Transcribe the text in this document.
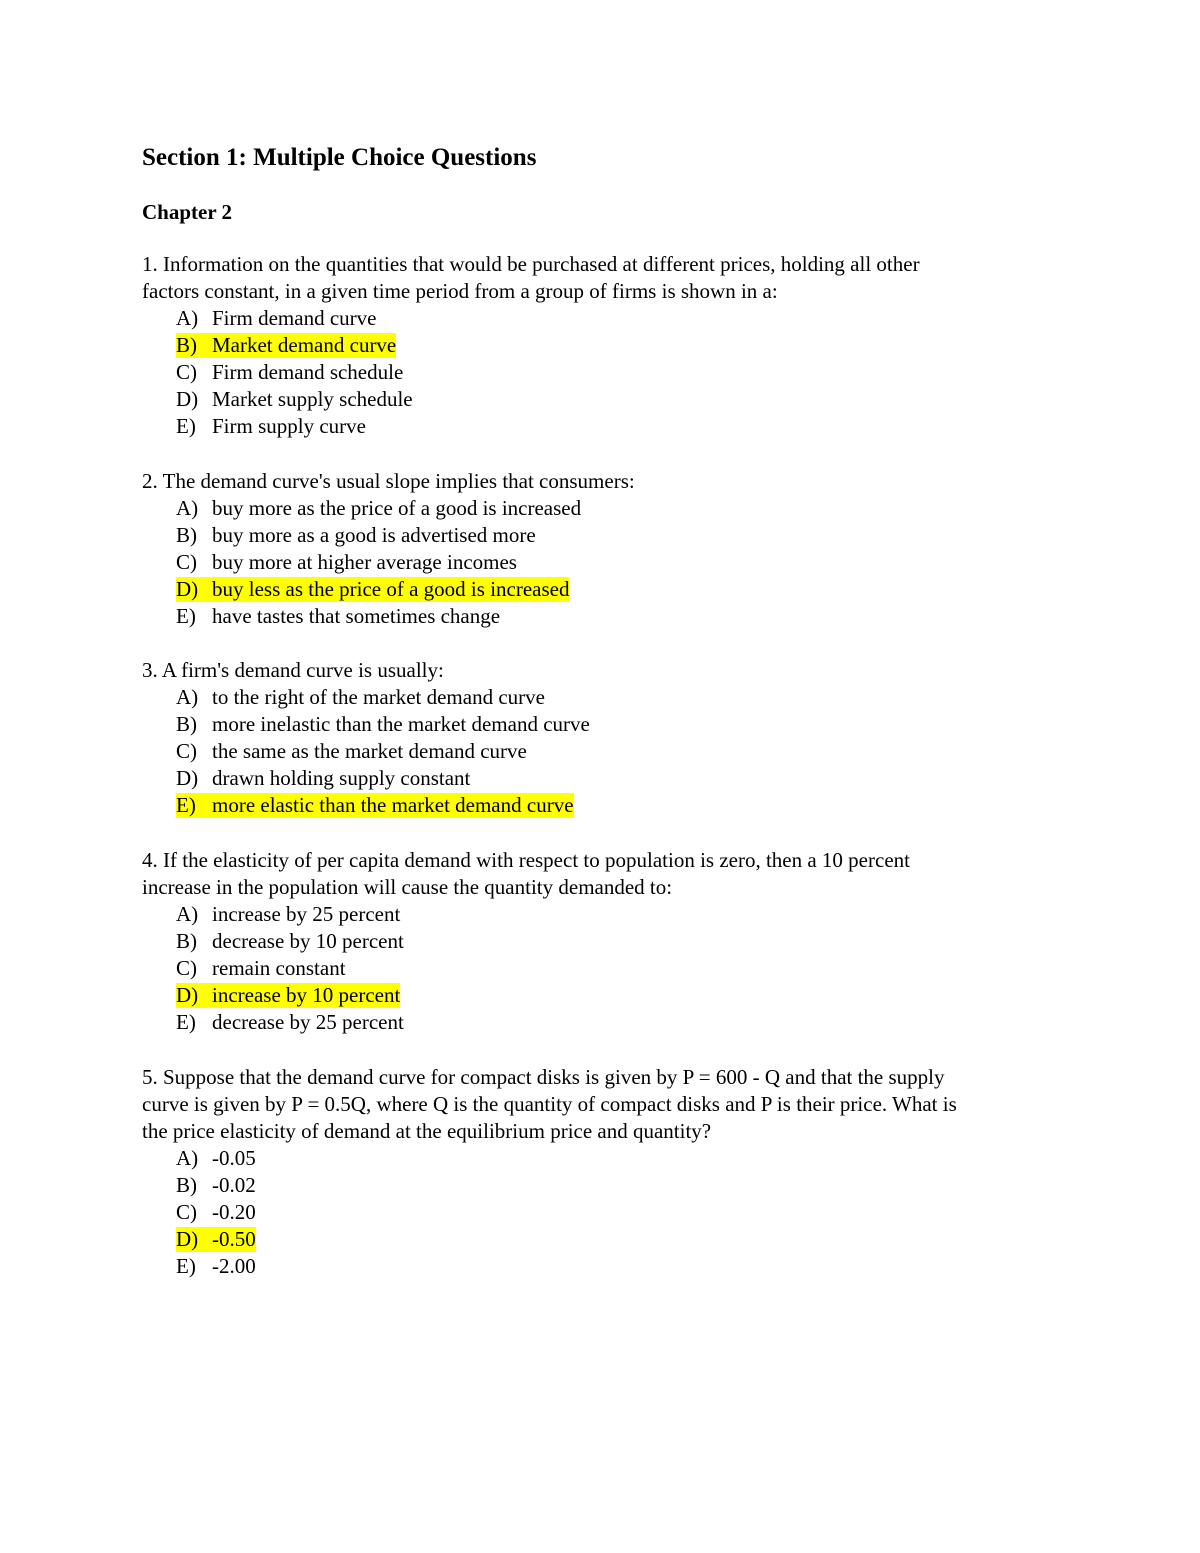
Section 1: Multiple Choice Questions
Chapter 2
1. Information on the quantities that would be purchased at different prices, holding all other
factors constant, in a given time period from a group of firms is shown in a:
A) Firm demand curve
B) Market demand curve
C) Firm demand schedule
D) Market supply schedule
E) Firm supply curve
2. The demand curve's usual slope implies that consumers:
A) buy more as the price of a good is increased
B) buy more as a good is advertised more
C) buy more at higher average incomes
D) buy less as the price of a good is increased
E) have tastes that sometimes change
3. A firm's demand curve is usually:
A) to the right of the market demand curve
B) more inelastic than the market demand curve
C) the same as the market demand curve
D) drawn holding supply constant
E) more elastic than the market demand curve
4. If the elasticity of per capita demand with respect to population is zero, then a 10 percent
increase in the population will cause the quantity demanded to:
A) increase by 25 percent
B) decrease by 10 percent
C) remain constant
D) increase by 10 percent
E) decrease by 25 percent
5. Suppose that the demand curve for compact disks is given by P = 600 - Q and that the supply
curve is given by P = 0.5Q, where Q is the quantity of compact disks and P is their price. What is
the price elasticity of demand at the equilibrium price and quantity?
A) -0.05
B) -0.02
C) -0.20
D) -0.50
E) -2.00
